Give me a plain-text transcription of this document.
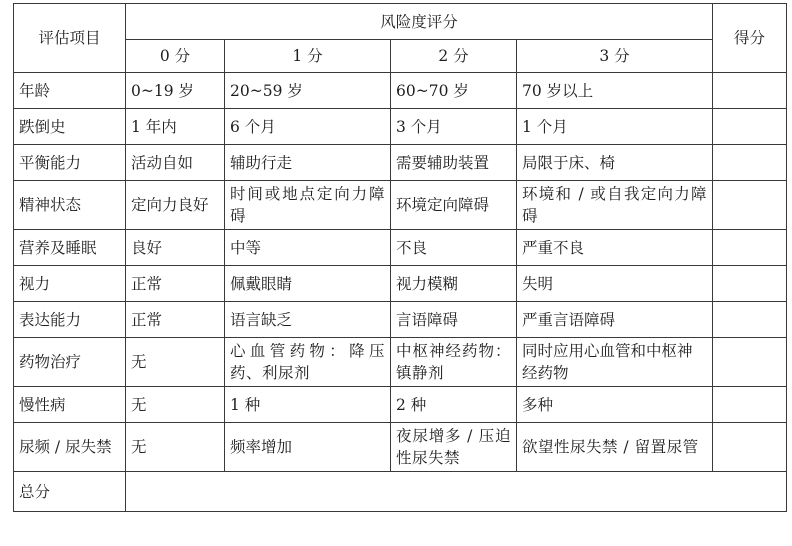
评估项目	风险度评分				得分
	0 分	1 分	2 分	3 分	
年龄	0~19 岁	20~59 岁	60~70 岁	70 岁以上	
跌倒史	1 年内	6 个月	3 个月	1 个月	
平衡能力	活动自如	辅助行走	需要辅助装置	局限于床、椅	
精神状态	定向力良好	时间或地点定向力障碍	环境定向障碍	环境和 / 或自我定向力障碍	
营养及睡眠	良好	中等	不良	严重不良	
视力	正常	佩戴眼睛	视力模糊	失明	
表达能力	正常	语言缺乏	言语障碍	严重言语障碍	
药物治疗	无	心血管药物：降压药、利尿剂	中枢神经药物：镇静剂	同时应用心血管和中枢神经药物	
慢性病	无	1 种	2 种	多种	
尿频 / 尿失禁	无	频率增加	夜尿增多 / 压迫性尿失禁	欲望性尿失禁 / 留置尿管	
总分					
